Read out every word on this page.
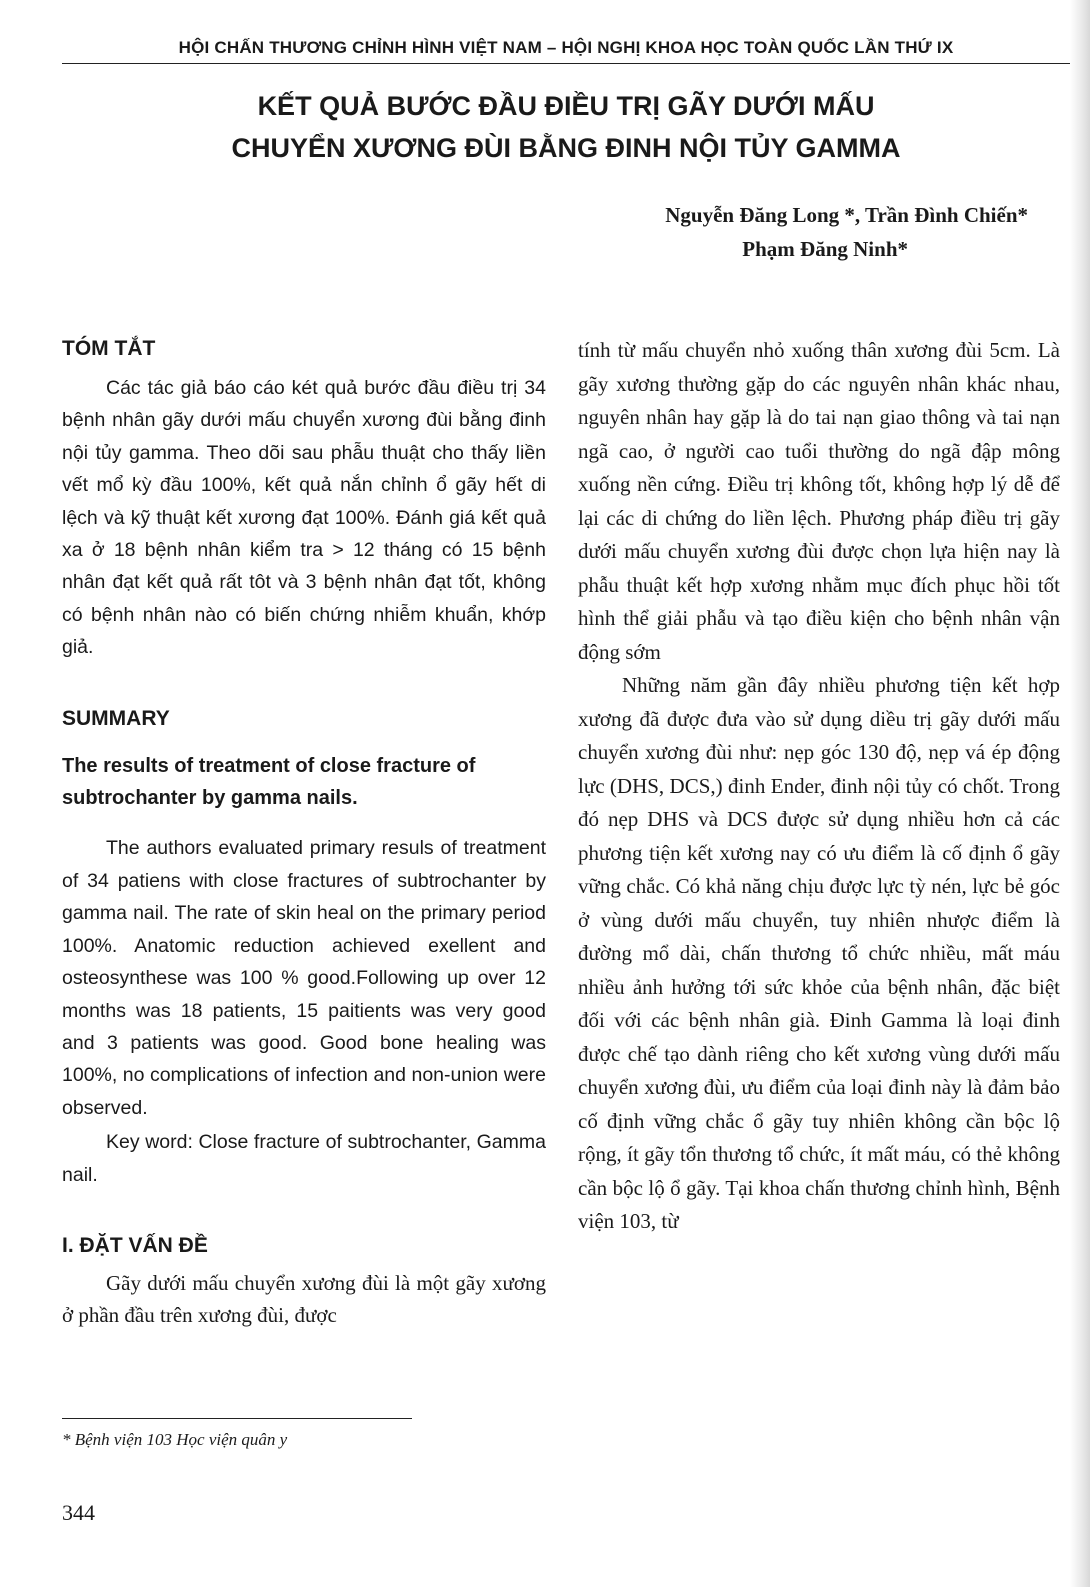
HỘI CHẤN THƯƠNG CHỈNH HÌNH VIỆT NAM – HỘI NGHỊ KHOA HỌC TOÀN QUỐC LẦN THỨ IX
KẾT QUẢ BƯỚC ĐẦU ĐIỀU TRỊ GÃY DƯỚI MẤU
CHUYỂN XƯƠNG ĐÙI BẰNG ĐINH NỘI TỦY GAMMA
Nguyễn Đăng Long *, Trần Đình Chiến*
Phạm Đăng Ninh*
TÓM TẮT

Các tác giả báo cáo két quả bước đầu điều trị 34 bệnh nhân gãy dưới mấu chuyển xương đùi bằng đinh nội tủy gamma. Theo dõi sau phẫu thuật cho thấy liền vết mổ kỳ đầu 100%, kết quả nắn chỉnh ổ gãy hết di lệch và kỹ thuật kết xương đạt 100%. Đánh giá kết quả xa ở 18 bệnh nhân kiểm tra > 12 tháng có 15 bệnh nhân đạt kết quả rất tôt và 3 bệnh nhân đạt tốt, không có bệnh nhân nào có biến chứng nhiễm khuẩn, khớp giả.

SUMMARY

The results of treatment of close fracture of

subtrochanter by gamma nails.

The authors evaluated primary resuls of treatment of 34 patiens with close fractures of subtrochanter by gamma nail. The rate of skin heal on the primary period 100%. Anatomic reduction achieved exellent and osteosynthese was 100 % good.Following up over 12 months was 18 patients, 15 paitients was very good and 3 patients was good. Good bone healing was 100%, no complications of infection and non-union were observed.

Key word: Close fracture of subtrochanter, Gamma nail.

I. ĐẶT VẤN ĐỀ

Gãy dưới mấu chuyển xương đùi là một gãy xương ở phần đầu trên xương đùi, được

tính từ mấu chuyển nhỏ xuống thân xương đùi 5cm. Là gãy xương thường gặp do các nguyên nhân khác nhau, nguyên nhân hay gặp là do tai nạn giao thông và tai nạn ngã cao, ở người cao tuổi thường do ngã đập mông xuống nền cứng. Điều trị không tốt, không hợp lý dễ để lại các di chứng do liền lệch. Phương pháp điều trị gãy dưới mấu chuyển xương đùi được chọn lựa hiện nay là phẫu thuật kết hợp xương nhằm mục đích phục hồi tốt hình thể giải phẫu và tạo điều kiện cho bệnh nhân vận động sớm

Những năm gần đây nhiều phương tiện kết hợp xương đã được đưa vào sử dụng diều trị gãy dưới mấu chuyển xương đùi như: nẹp góc 130 độ, nẹp vá ép động lực (DHS, DCS,) đinh Ender, đinh nội tủy có chốt. Trong đó nẹp DHS và DCS được sử dụng nhiều hơn cả các phương tiện kết xương nay có ưu điểm là cố định ổ gãy vững chắc. Có khả năng chịu được lực tỳ nén, lực bẻ góc ở vùng dưới mấu chuyển, tuy nhiên nhược điểm là đường mổ dài, chấn thương tổ chức nhiều, mất máu nhiều ảnh hưởng tới sức khỏe của bệnh nhân, đặc biệt đối với các bệnh nhân già. Đinh Gamma là loại đinh được chế tạo dành riêng cho kết xương vùng dưới mấu chuyển xương đùi, ưu điểm của loại đinh này là đảm bảo cố định vững chắc ổ gãy tuy nhiên không cần bộc lộ rộng, ít gãy tổn thương tổ chức, ít mất máu, có thẻ không cần bộc lộ ổ gãy. Tại khoa chấn thương chỉnh hình, Bệnh viện 103, từ

* Bệnh viện 103 Học viện quân y
344
